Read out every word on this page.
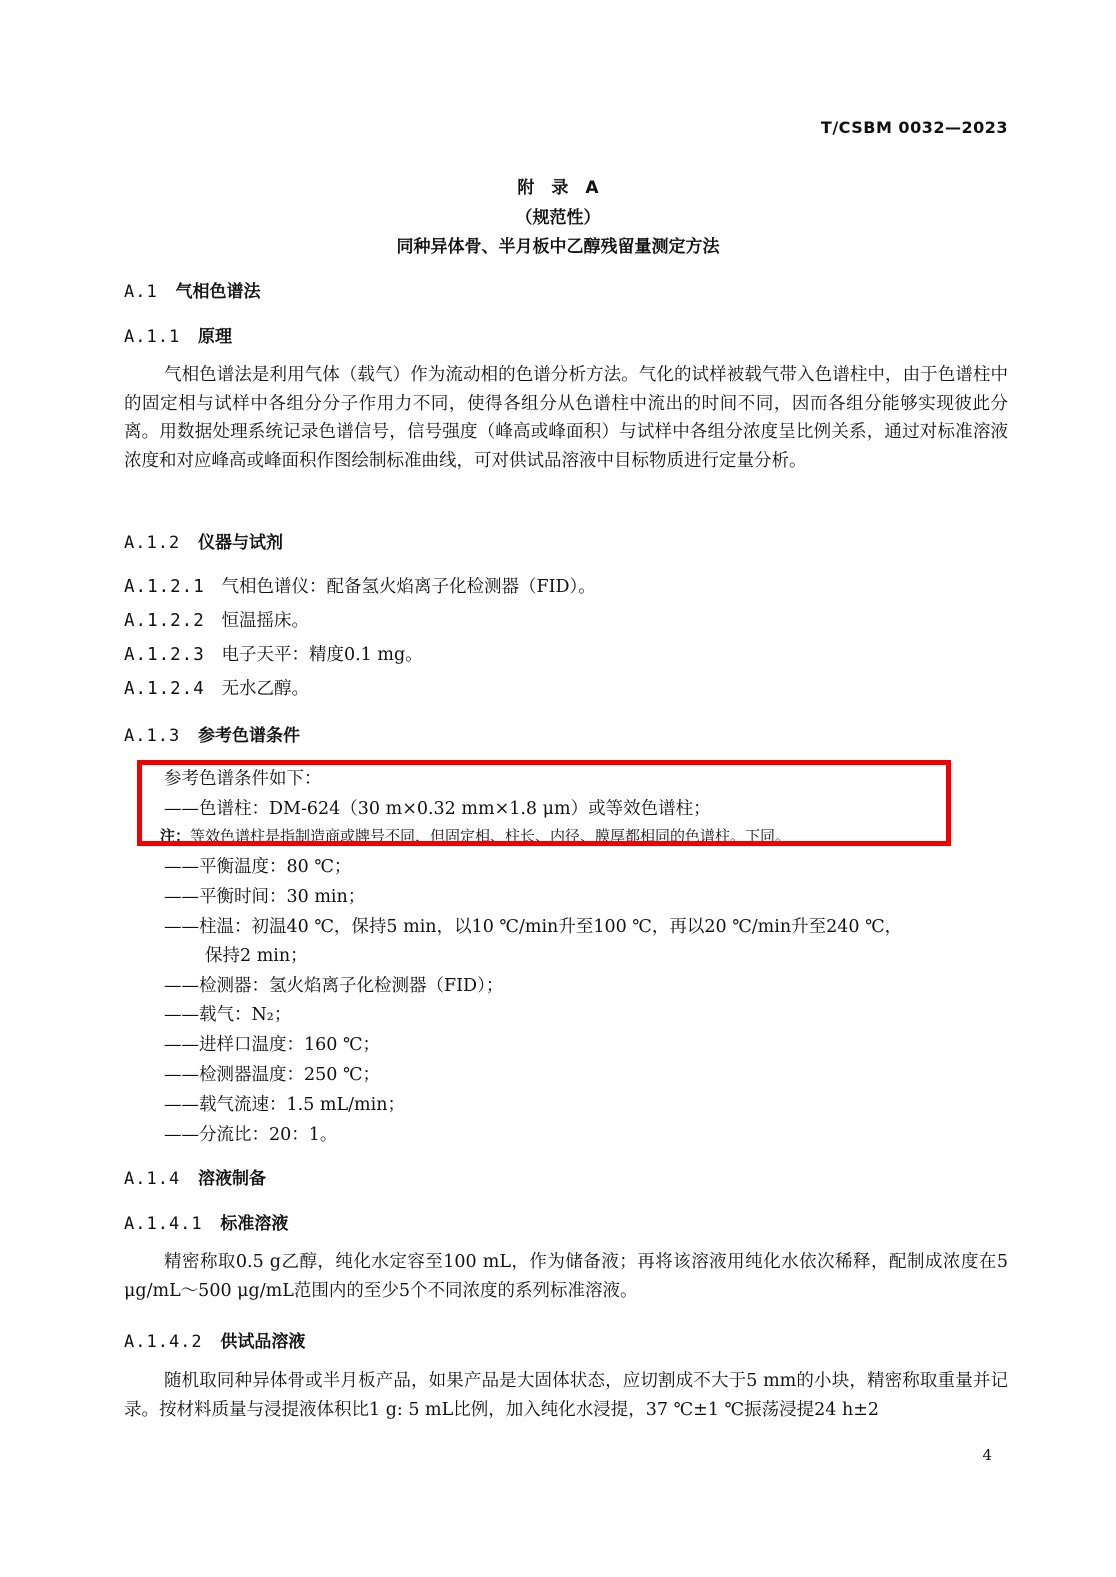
T/CSBM 0032—2023
附　录　A
（规范性）
同种异体骨、半月板中乙醇残留量测定方法
A.1 气相色谱法
A.1.1 原理
气相色谱法是利用气体（载气）作为流动相的色谱分析方法。气化的试样被载气带入色谱柱中，由于色谱柱中的固定相与试样中各组分分子作用力不同，使得各组分从色谱柱中流出的时间不同，因而各组分能够实现彼此分离。用数据处理系统记录色谱信号，信号强度（峰高或峰面积）与试样中各组分浓度呈比例关系，通过对标准溶液浓度和对应峰高或峰面积作图绘制标准曲线，可对供试品溶液中目标物质进行定量分析。
A.1.2 仪器与试剂
A.1.2.1 气相色谱仪：配备氢火焰离子化检测器（FID）。
A.1.2.2 恒温摇床。
A.1.2.3 电子天平：精度0.1 mg。
A.1.2.4 无水乙醇。
A.1.3 参考色谱条件
参考色谱条件如下：
——色谱柱：DM-624（30 m×0.32 mm×1.8 μm）或等效色谱柱；
注：等效色谱柱是指制造商或牌号不同，但固定相、柱长、内径、膜厚都相同的色谱柱。下同。
——平衡温度：80 ℃；
——平衡时间：30 min；
——柱温：初温40 ℃，保持5 min，以10 ℃/min升至100 ℃，再以20 ℃/min升至240 ℃，
保持2 min；
——检测器：氢火焰离子化检测器（FID）；
——载气：N₂；
——进样口温度：160 ℃；
——检测器温度：250 ℃；
——载气流速：1.5 mL/min；
——分流比：20：1。
A.1.4 溶液制备
A.1.4.1 标准溶液
精密称取0.5 g乙醇，纯化水定容至100 mL，作为储备液；再将该溶液用纯化水依次稀释，配制成浓度在5 μg/mL～500 μg/mL范围内的至少5个不同浓度的系列标准溶液。
A.1.4.2 供试品溶液
随机取同种异体骨或半月板产品，如果产品是大固体状态，应切割成不大于5 mm的小块，精密称取重量并记录。按材料质量与浸提液体积比1 g: 5 mL比例，加入纯化水浸提，37 ℃±1 ℃振荡浸提24 h±2
4
